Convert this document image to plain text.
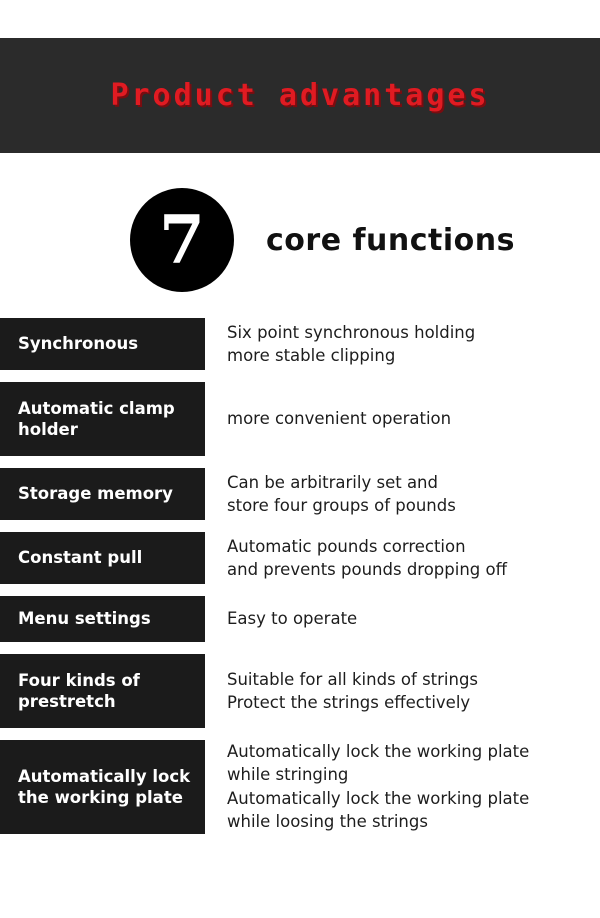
Product advantages
7	core functions
Synchronous
Six point synchronous holding
more stable clipping
Automatic clamp holder
more convenient operation
Storage memory
Can be arbitrarily set and
store four groups of pounds
Constant pull
Automatic pounds correction
and prevents pounds dropping off
Menu settings	Easy to operate
Four kinds of prestretch
Suitable for all kinds of strings
Protect the strings effectively
Automatically lock the working plate
Automatically lock the working plate
while stringing
Automatically lock the working plate
while loosing the strings
